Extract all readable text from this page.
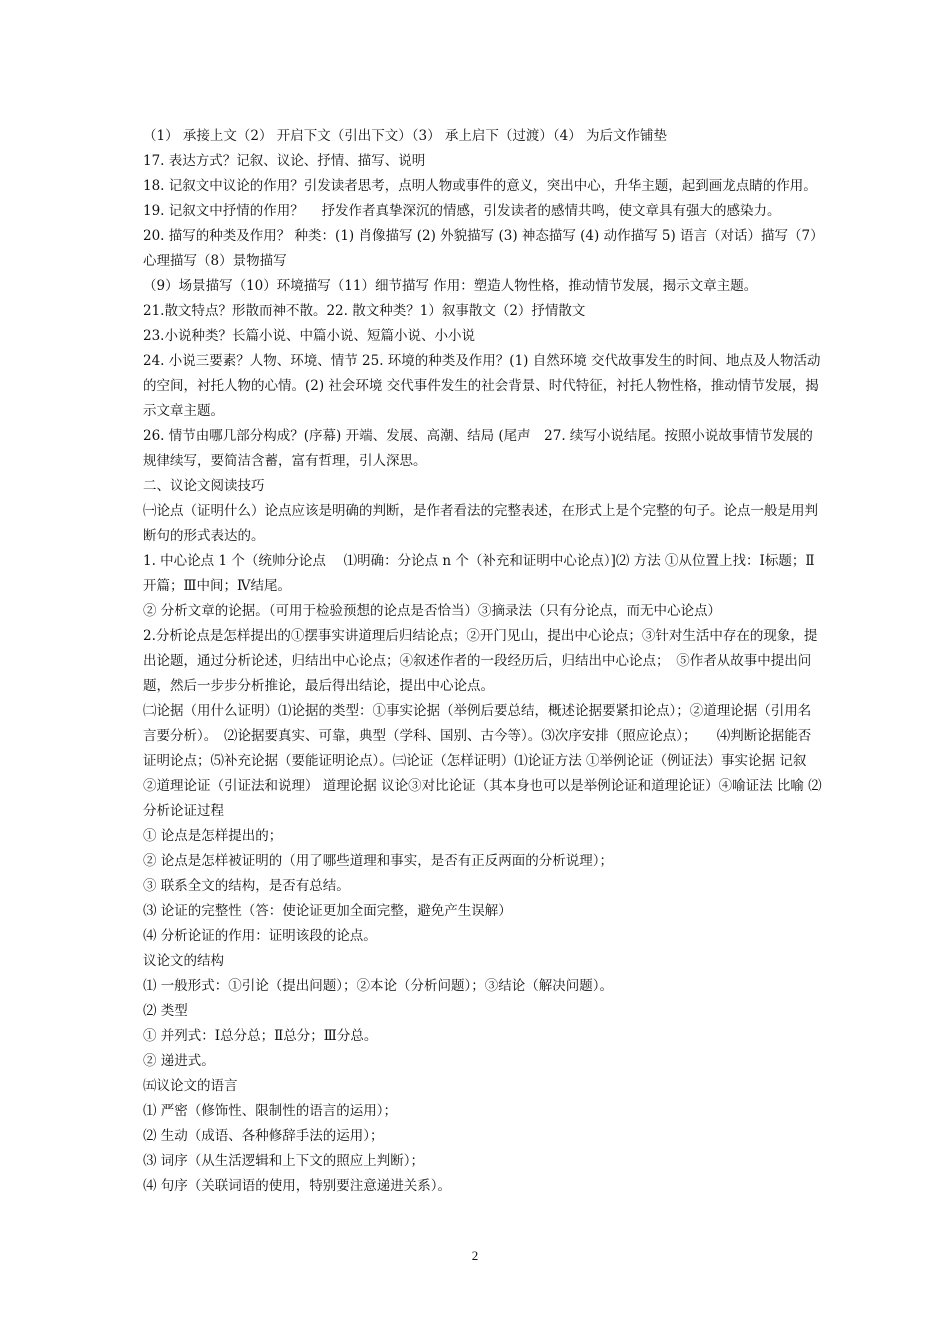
（1） 承接上文（2） 开启下文（引出下文）（3） 承上启下（过渡）（4） 为后文作铺垫

17. 表达方式？记叙、议论、抒情、描写、说明

18. 记叙文中议论的作用？引发读者思考，点明人物或事件的意义，突出中心，升华主题，起到画龙点睛的作用。

19. 记叙文中抒情的作用？　 抒发作者真挚深沉的情感，引发读者的感情共鸣，使文章具有强大的感染力。

20. 描写的种类及作用？ 种类：(1) 肖像描写 (2) 外貌描写 (3) 神态描写 (4) 动作描写 5) 语言（对话）描写（7）心理描写（8）景物描写

（9）场景描写（10）环境描写（11）细节描写 作用：塑造人物性格，推动情节发展，揭示文章主题。

21.散文特点？形散而神不散。22. 散文种类？1）叙事散文（2）抒情散文

23.小说种类？长篇小说、中篇小说、短篇小说、小小说

24. 小说三要素？人物、环境、情节 25. 环境的种类及作用？(1) 自然环境 交代故事发生的时间、地点及人物活动的空间，衬托人物的心情。(2) 社会环境 交代事件发生的社会背景、时代特征，衬托人物性格，推动情节发展，揭示文章主题。

26. 情节由哪几部分构成？(序幕) 开端、发展、高潮、结局 (尾声　27. 续写小说结尾。按照小说故事情节发展的规律续写，要简洁含蓄，富有哲理，引人深思。

二、议论文阅读技巧

㈠论点（证明什么）论点应该是明确的判断，是作者看法的完整表述，在形式上是个完整的句子。论点一般是用判断句的形式表达的。

1. 中心论点 1 个（统帅分论点　 ⑴明确：分论点 n 个（补充和证明中心论点）]⑵ 方法 ①从位置上找：Ⅰ标题；Ⅱ开篇；Ⅲ中间；Ⅳ结尾。

② 分析文章的论据。（可用于检验预想的论点是否恰当）③摘录法（只有分论点，而无中心论点）

2.分析论点是怎样提出的①摆事实讲道理后归结论点；②开门见山，提出中心论点；③针对生活中存在的现象，提出论题，通过分析论述，归结出中心论点；④叙述作者的一段经历后，归结出中心论点；　⑤作者从故事中提出问题，然后一步步分析推论，最后得出结论，提出中心论点。

㈡论据（用什么证明）⑴论据的类型：①事实论据（举例后要总结，概述论据要紧扣论点）；②道理论据（引用名言要分析）。　⑵论据要真实、可靠，典型（学科、国别、古今等）。⑶次序安排（照应论点）；　　⑷判断论据能否证明论点；⑸补充论据（要能证明论点）。㈢论证（怎样证明）⑴论证方法 ①举例论证（例证法）事实论据 记叙 ②道理论证（引证法和说理） 道理论据 议论③对比论证（其本身也可以是举例论证和道理论证）④喻证法 比喻 ⑵分析论证过程

① 论点是怎样提出的；

② 论点是怎样被证明的（用了哪些道理和事实，是否有正反两面的分析说理）；

③ 联系全文的结构，是否有总结。

⑶ 论证的完整性（答：使论证更加全面完整，避免产生误解）

⑷ 分析论证的作用：证明该段的论点。

议论文的结构

⑴ 一般形式：①引论（提出问题）；②本论（分析问题）；③结论（解决问题）。

⑵ 类型

① 并列式：Ⅰ总分总；Ⅱ总分；Ⅲ分总。

② 递进式。

㈤议论文的语言

⑴ 严密（修饰性、限制性的语言的运用）；

⑵ 生动（成语、各种修辞手法的运用）；

⑶ 词序（从生活逻辑和上下文的照应上判断）；

⑷ 句序（关联词语的使用，特别要注意递进关系）。

2
